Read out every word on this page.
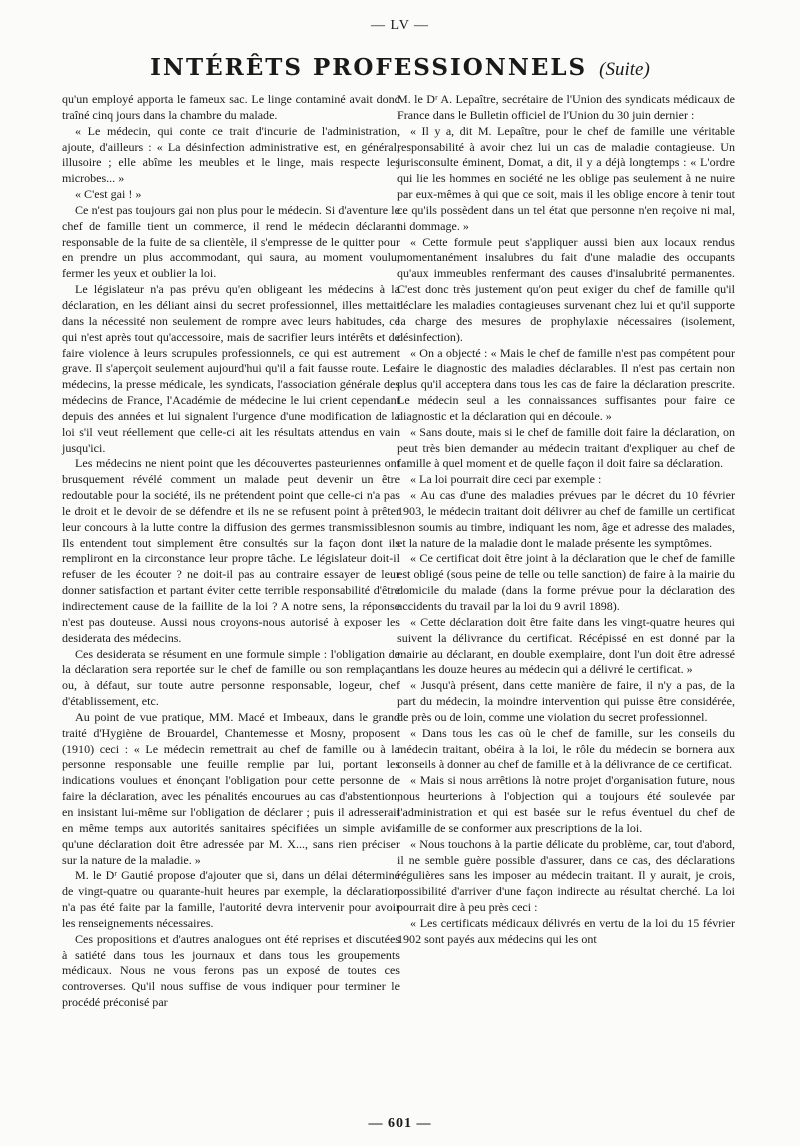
— LV —
INTÉRÊTS PROFESSIONNELS (Suite)

qu'un employé apporta le fameux sac. Le linge contaminé avait donc traîné cinq jours dans la chambre du malade.

« Le médecin, qui conte ce trait d'incurie de l'administration, ajoute, d'ailleurs : « La désinfection administrative est, en général, illusoire ; elle abîme les meubles et le linge, mais respecte les microbes... »

« C'est gai ! »

Ce n'est pas toujours gai non plus pour le médecin. Si d'aventure le chef de famille tient un commerce, il rend le médecin déclarant responsable de la fuite de sa clientèle, il s'empresse de le quitter pour en prendre un plus accommodant, qui saura, au moment voulu, fermer les yeux et oublier la loi.

Le législateur n'a pas prévu qu'en obligeant les médecins à la déclaration, en les déliant ainsi du secret professionnel, illes mettait dans la nécessité non seulement de rompre avec leurs habitudes, ce qui n'est après tout qu'accessoire, mais de sacrifier leurs intérêts et de faire violence à leurs scrupules professionnels, ce qui est autrement grave. Il s'aperçoit seulement aujourd'hui qu'il a fait fausse route. Les médecins, la presse médicale, les syndicats, l'association générale des médecins de France, l'Académie de médecine le lui crient cependant depuis des années et lui signalent l'urgence d'une modification de la loi s'il veut réellement que celle-ci ait les résultats attendus en vain jusqu'ici.

Les médecins ne nient point que les découvertes pasteuriennes ont brusquement révélé comment un malade peut devenir un être redoutable pour la société, ils ne prétendent point que celle-ci n'a pas le droit et le devoir de se défendre et ils ne se refusent point à prêter leur concours à la lutte contre la diffusion des germes transmissibles. Ils entendent tout simplement être consultés sur la façon dont ils rempliront en la circonstance leur propre tâche. Le législateur doit-il refuser de les écouter ? ne doit-il pas au contraire essayer de leur donner satisfaction et partant éviter cette terrible responsabilité d'être indirectement cause de la faillite de la loi ? A notre sens, la réponse n'est pas douteuse. Aussi nous croyons-nous autorisé à exposer les desiderata des médecins.

Ces desiderata se résument en une formule simple : l'obligation de la déclaration sera reportée sur le chef de famille ou son remplaçant ou, à défaut, sur toute autre personne responsable, logeur, chef d'établissement, etc.

Au point de vue pratique, MM. Macé et Imbeaux, dans le grand traité d'Hygiène de Brouardel, Chantemesse et Mosny, proposent (1910) ceci : « Le médecin remettrait au chef de famille ou à la personne responsable une feuille remplie par lui, portant les indications voulues et énonçant l'obligation pour cette personne de faire la déclaration, avec les pénalités encourues au cas d'abstention, en insistant lui-même sur l'obligation de déclarer ; puis il adresserait en même temps aux autorités sanitaires spécifiées un simple avis qu'une déclaration doit être adressée par M. X..., sans rien préciser sur la nature de la maladie. »

M. le Dʳ Gautié propose d'ajouter que si, dans un délai déterminé de vingt-quatre ou quarante-huit heures par exemple, la déclaration n'a pas été faite par la famille, l'autorité devra intervenir pour avoir les renseignements nécessaires.

Ces propositions et d'autres analogues ont été reprises et discutées à satiété dans tous les journaux et dans tous les groupements médicaux. Nous ne vous ferons pas un exposé de toutes ces controverses. Qu'il nous suffise de vous indiquer pour terminer le procédé préconisé par

M. le Dʳ A. Lepaître, secrétaire de l'Union des syndicats médicaux de France dans le Bulletin officiel de l'Union du 30 juin dernier :

« Il y a, dit M. Lepaître, pour le chef de famille une véritable responsabilité à avoir chez lui un cas de maladie contagieuse. Un jurisconsulte éminent, Domat, a dit, il y a déjà longtemps : « L'ordre qui lie les hommes en société ne les oblige pas seulement à ne nuire par eux-mêmes à qui que ce soit, mais il les oblige encore à tenir tout ce qu'ils possèdent dans un tel état que personne n'en reçoive ni mal, ni dommage. »

« Cette formule peut s'appliquer aussi bien aux locaux rendus momentanément insalubres du fait d'une maladie des occupants qu'aux immeubles renfermant des causes d'insalubrité permanentes. C'est donc très justement qu'on peut exiger du chef de famille qu'il déclare les maladies contagieuses survenant chez lui et qu'il supporte la charge des mesures de prophylaxie nécessaires (isolement, désinfection).

« On a objecté : « Mais le chef de famille n'est pas compétent pour faire le diagnostic des maladies déclarables. Il n'est pas certain non plus qu'il acceptera dans tous les cas de faire la déclaration prescrite. Le médecin seul a les connaissances suffisantes pour faire ce diagnostic et la déclaration qui en découle. »

« Sans doute, mais si le chef de famille doit faire la déclaration, on peut très bien demander au médecin traitant d'expliquer au chef de famille à quel moment et de quelle façon il doit faire sa déclaration.

« La loi pourrait dire ceci par exemple :

« Au cas d'une des maladies prévues par le décret du 10 février 1903, le médecin traitant doit délivrer au chef de famille un certificat non soumis au timbre, indiquant les nom, âge et adresse des malades, et la nature de la maladie dont le malade présente les symptômes.

« Ce certificat doit être joint à la déclaration que le chef de famille est obligé (sous peine de telle ou telle sanction) de faire à la mairie du domicile du malade (dans la forme prévue pour la déclaration des accidents du travail par la loi du 9 avril 1898).

« Cette déclaration doit être faite dans les vingt-quatre heures qui suivent la délivrance du certificat. Récépissé en est donné par la mairie au déclarant, en double exemplaire, dont l'un doit être adressé dans les douze heures au médecin qui a délivré le certificat. »

« Jusqu'à présent, dans cette manière de faire, il n'y a pas, de la part du médecin, la moindre intervention qui puisse être considérée, de près ou de loin, comme une violation du secret professionnel.

« Dans tous les cas où le chef de famille, sur les conseils du médecin traitant, obéira à la loi, le rôle du médecin se bornera aux conseils à donner au chef de famille et à la délivrance de ce certificat.

« Mais si nous arrêtions là notre projet d'organisation future, nous nous heurterions à l'objection qui a toujours été soulevée par l'administration et qui est basée sur le refus éventuel du chef de famille de se conformer aux prescriptions de la loi.

« Nous touchons à la partie délicate du problème, car, tout d'abord, il ne semble guère possible d'assurer, dans ce cas, des déclarations régulières sans les imposer au médecin traitant. Il y aurait, je crois, possibilité d'arriver d'une façon indirecte au résultat cherché. La loi pourrait dire à peu près ceci :

« Les certificats médicaux délivrés en vertu de la loi du 15 février 1902 sont payés aux médecins qui les ont

— 601 —
